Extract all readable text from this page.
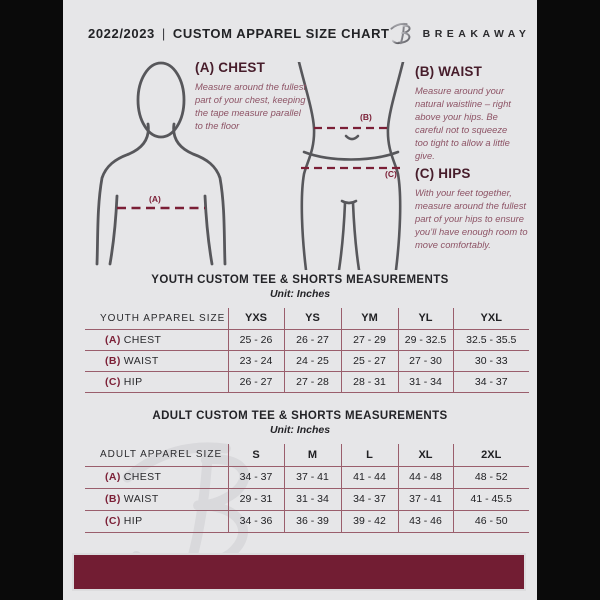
2022/2023 | CUSTOM APPAREL SIZE CHART	BREAKAWAY
(A)
(B)
(C)
(A) CHEST

Measure around the fullest part of your chest, keeping the tape measure parallel to the floor

(B) WAIST

Measure around your natural waistline – right above your hips. Be careful not to squeeze too tight to allow a little give.

(C) HIPS

With your feet together, measure around the fullest part of your hips to ensure you’ll have enough room to move comfortably.

YOUTH CUSTOM TEE & SHORTS MEASUREMENTS
Unit: Inches
YOUTH APPAREL SIZE	YXS	YS	YM	YL	YXL
(A) CHEST	25 - 26	26 - 27	27 - 29	29 - 32.5	32.5 - 35.5
(B) WAIST	23 - 24	24 - 25	25 - 27	27 - 30	30 - 33
(C) HIP	26 - 27	27 - 28	28 - 31	31 - 34	34 - 37
ADULT CUSTOM TEE & SHORTS MEASUREMENTS
Unit: Inches
ADULT APPAREL SIZE	S	M	L	XL	2XL
(A) CHEST	34 - 37	37 - 41	41 - 44	44 - 48	48 - 52
(B) WAIST	29 - 31	31 - 34	34 - 37	37 - 41	41 - 45.5
(C) HIP	34 - 36	36 - 39	39 - 42	43 - 46	46 - 50
